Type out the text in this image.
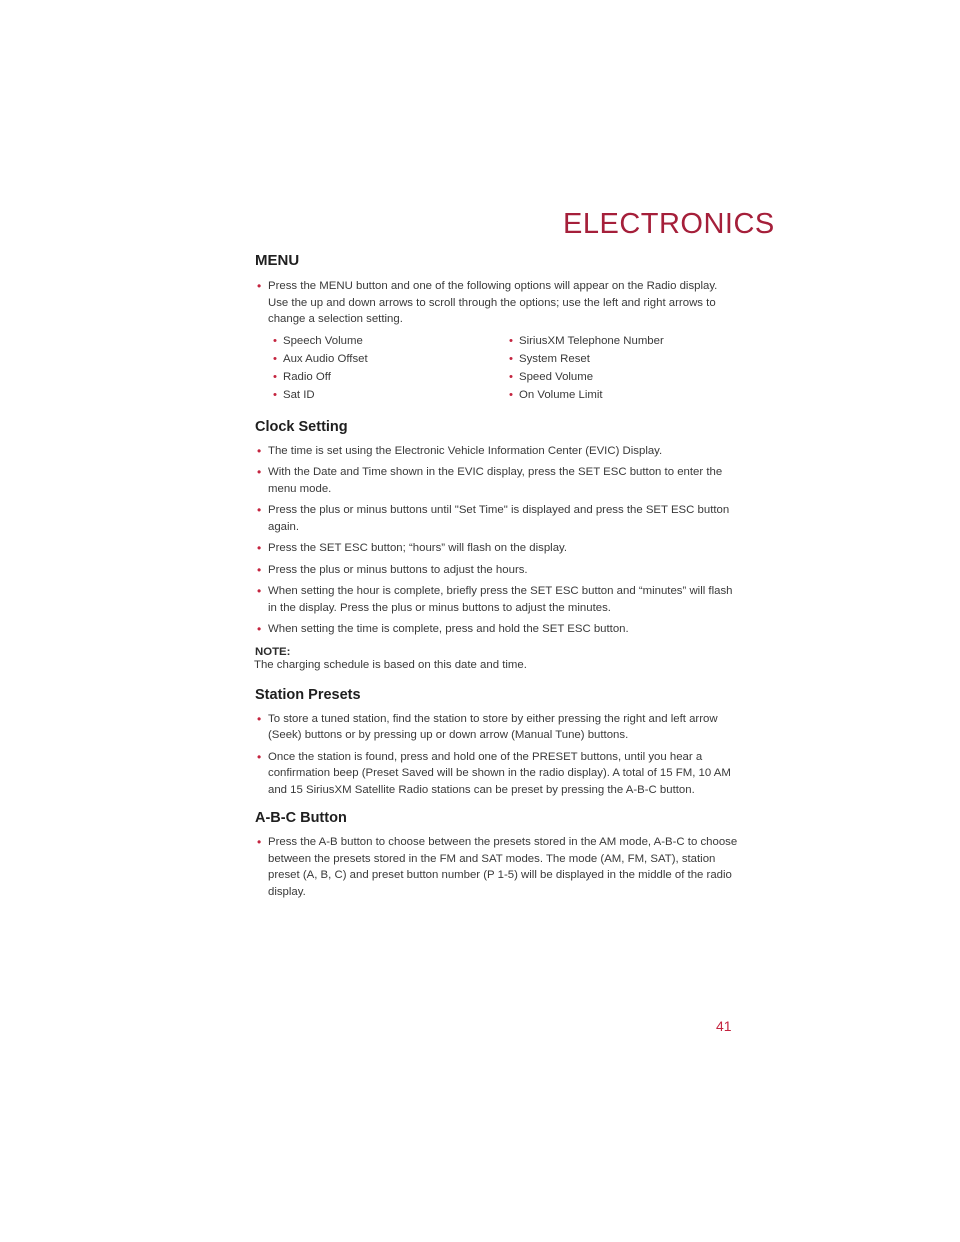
ELECTRONICS
MENU
• Press the MENU button and one of the following options will appear on the Radio display. Use the up and down arrows to scroll through the options; use the left and right arrows to change a selection setting.
• Speech Volume	• SiriusXM Telephone Number
• Aux Audio Offset	• System Reset
• Radio Off	• Speed Volume
• Sat ID	• On Volume Limit
Clock Setting
• The time is set using the Electronic Vehicle Information Center (EVIC) Display.
• With the Date and Time shown in the EVIC display, press the SET ESC button to enter the menu mode.
• Press the plus or minus buttons until "Set Time" is displayed and press the SET ESC button again.
• Press the SET ESC button; “hours” will flash on the display.
• Press the plus or minus buttons to adjust the hours.
• When setting the hour is complete, briefly press the SET ESC button and “minutes” will flash in the display. Press the plus or minus buttons to adjust the minutes.
• When setting the time is complete, press and hold the SET ESC button.
NOTE:
The charging schedule is based on this date and time.
Station Presets
• To store a tuned station, find the station to store by either pressing the right and left arrow (Seek) buttons or by pressing up or down arrow (Manual Tune) buttons.
• Once the station is found, press and hold one of the PRESET buttons, until you hear a confirmation beep (Preset Saved will be shown in the radio display). A total of 15 FM, 10 AM and 15 SiriusXM Satellite Radio stations can be preset by pressing the A-B-C button.
A-B-C Button
• Press the A-B button to choose between the presets stored in the AM mode, A-B-C to choose between the presets stored in the FM and SAT modes. The mode (AM, FM, SAT), station preset (A, B, C) and preset button number (P 1-5) will be displayed in the middle of the radio display.
41
